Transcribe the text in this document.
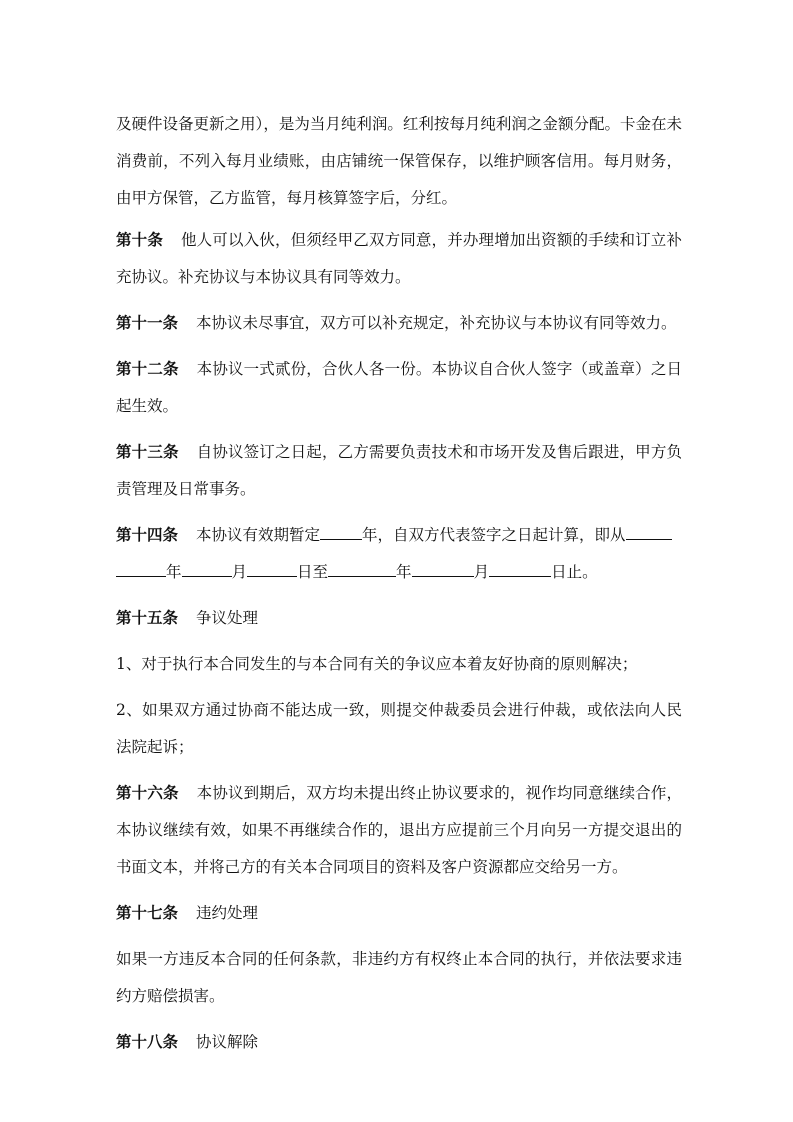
及硬件设备更新之用），是为当月纯利润。红利按每月纯利润之金额分配。卡金在未消费前，不列入每月业绩账，由店铺统一保管保存，以维护顾客信用。每月财务，由甲方保管，乙方监管，每月核算签字后，分红。

第十条 他人可以入伙，但须经甲乙双方同意，并办理增加出资额的手续和订立补充协议。补充协议与本协议具有同等效力。

第十一条 本协议未尽事宜，双方可以补充规定，补充协议与本协议有同等效力。

第十二条 本协议一式贰份，合伙人各一份。本协议自合伙人签字（或盖章）之日起生效。

第十三条 自协议签订之日起，乙方需要负责技术和市场开发及售后跟进，甲方负责管理及日常事务。

第十四条 本协议有效期暂定	年，自双方代表签字之日起计算，即从
年	月	日至	年	月	日止。

第十五条 争议处理

1、对于执行本合同发生的与本合同有关的争议应本着友好协商的原则解决；

2、如果双方通过协商不能达成一致，则提交仲裁委员会进行仲裁，或依法向人民法院起诉；

第十六条 本协议到期后，双方均未提出终止协议要求的，视作均同意继续合作，本协议继续有效，如果不再继续合作的，退出方应提前三个月向另一方提交退出的书面文本，并将己方的有关本合同项目的资料及客户资源都应交给另一方。

第十七条 违约处理

如果一方违反本合同的任何条款，非违约方有权终止本合同的执行，并依法要求违约方赔偿损害。

第十八条 协议解除
